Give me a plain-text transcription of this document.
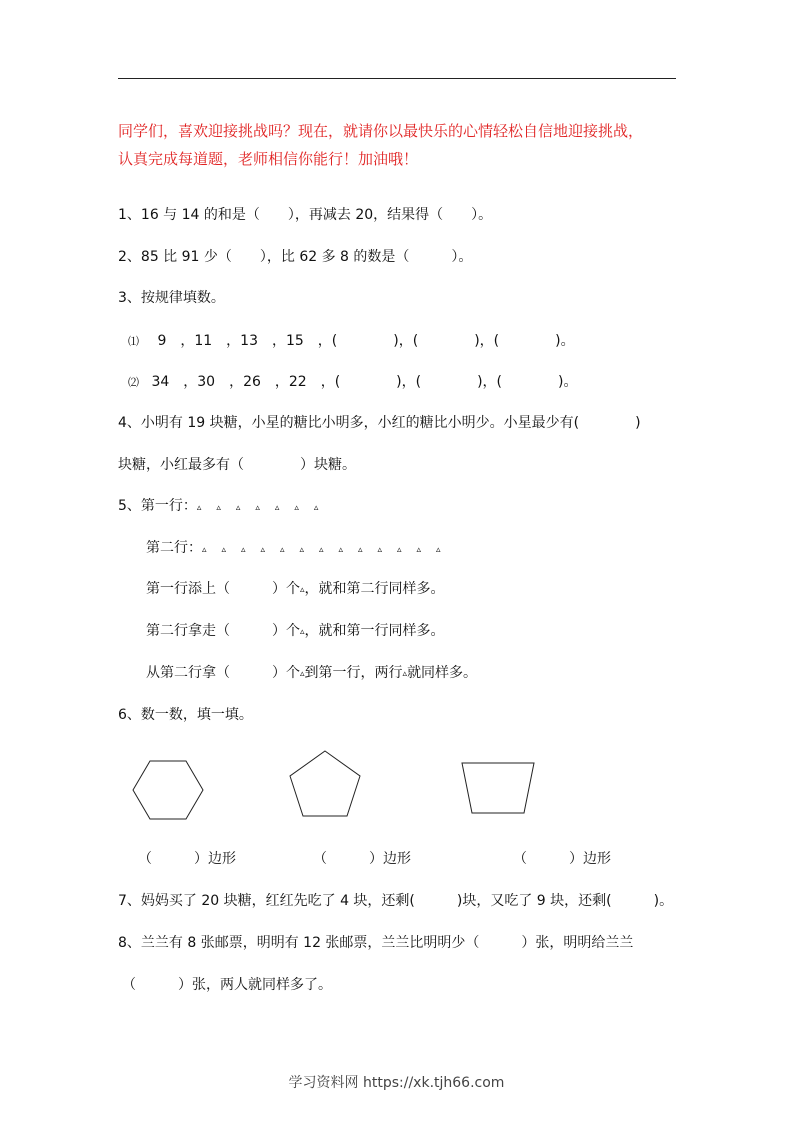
同学们，喜欢迎接挑战吗？现在，就请你以最快乐的心情轻松自信地迎接挑战，
认真完成每道题，老师相信你能行！加油哦！
1、16 与 14 的和是（　　），再减去 20，结果得（　　）。
2、85 比 91 少（　　），比 62 多 8 的数是（　　　）。
3、按规律填数。
⑴ 9　，11　，13　，15　，(　　　　)，(　　　　)，(　　　　)。
⑵ 34　，30　，26　，22　，(　　　　)，(　　　　)，(　　　　)。
4、小明有 19 块糖，小星的糖比小明多，小红的糖比小明少。小星最少有(　　　　)
块糖，小红最多有（　　　　）块糖。
5、第一行：▵ ▵ ▵ ▵ ▵ ▵ ▵
第二行：▵ ▵ ▵ ▵ ▵ ▵ ▵ ▵ ▵ ▵ ▵ ▵ ▵
第一行添上（　　　）个▵，就和第二行同样多。
第二行拿走（　　　）个▵，就和第一行同样多。
从第二行拿（　　　）个▵到第一行，两行▵就同样多。
6、数一数，填一填。
（　　　）边形	（　　　）边形	（　　　）边形
7、妈妈买了 20 块糖，红红先吃了 4 块，还剩(　　　)块，又吃了 9 块，还剩(　　　)。
8、兰兰有 8 张邮票，明明有 12 张邮票，兰兰比明明少（　　　）张，明明给兰兰
（　　　）张，两人就同样多了。
学习资料网 https://xk.tjh66.com
